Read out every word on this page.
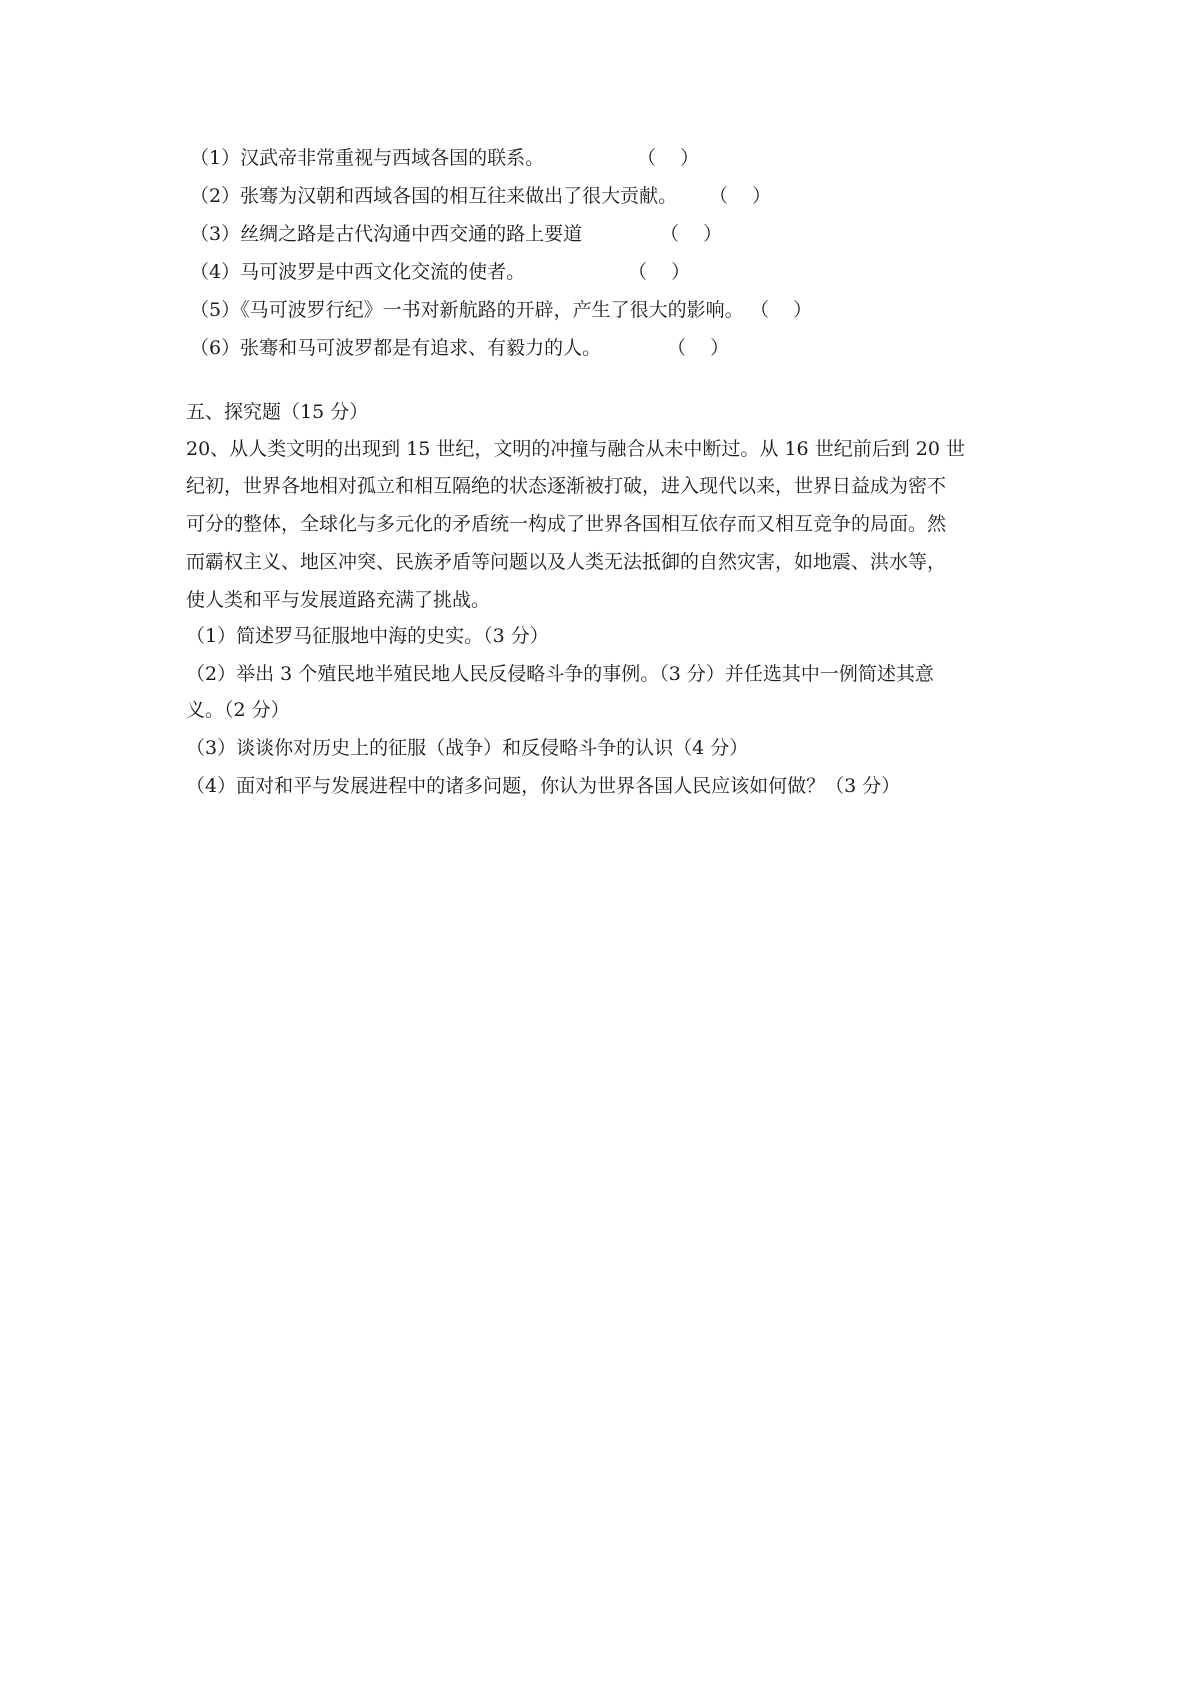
（1）汉武帝非常重视与西域各国的联系。	（    ）
（2）张骞为汉朝和西域各国的相互往来做出了很大贡献。 （    ）
（3）丝绸之路是古代沟通中西交通的路上要道	（    ）
（4）马可波罗是中西文化交流的使者。	（    ）
（5）《马可波罗行纪》一书对新航路的开辟，产生了很大的影响。 （    ）
（6）张骞和马可波罗都是有追求、有毅力的人。	（    ）
五、探究题（15 分）
20、从人类文明的出现到 15 世纪，文明的冲撞与融合从未中断过。从 16 世纪前后到 20 世
纪初，世界各地相对孤立和相互隔绝的状态逐渐被打破，进入现代以来，世界日益成为密不
可分的整体，全球化与多元化的矛盾统一构成了世界各国相互依存而又相互竞争的局面。然
而霸权主义、地区冲突、民族矛盾等问题以及人类无法抵御的自然灾害，如地震、洪水等，
使人类和平与发展道路充满了挑战。
（1）简述罗马征服地中海的史实。（3 分）
（2）举出 3 个殖民地半殖民地人民反侵略斗争的事例。（3 分）并任选其中一例简述其意
义。（2 分）
（3）谈谈你对历史上的征服（战争）和反侵略斗争的认识（4 分）
（4）面对和平与发展进程中的诸多问题，你认为世界各国人民应该如何做？（3 分）
